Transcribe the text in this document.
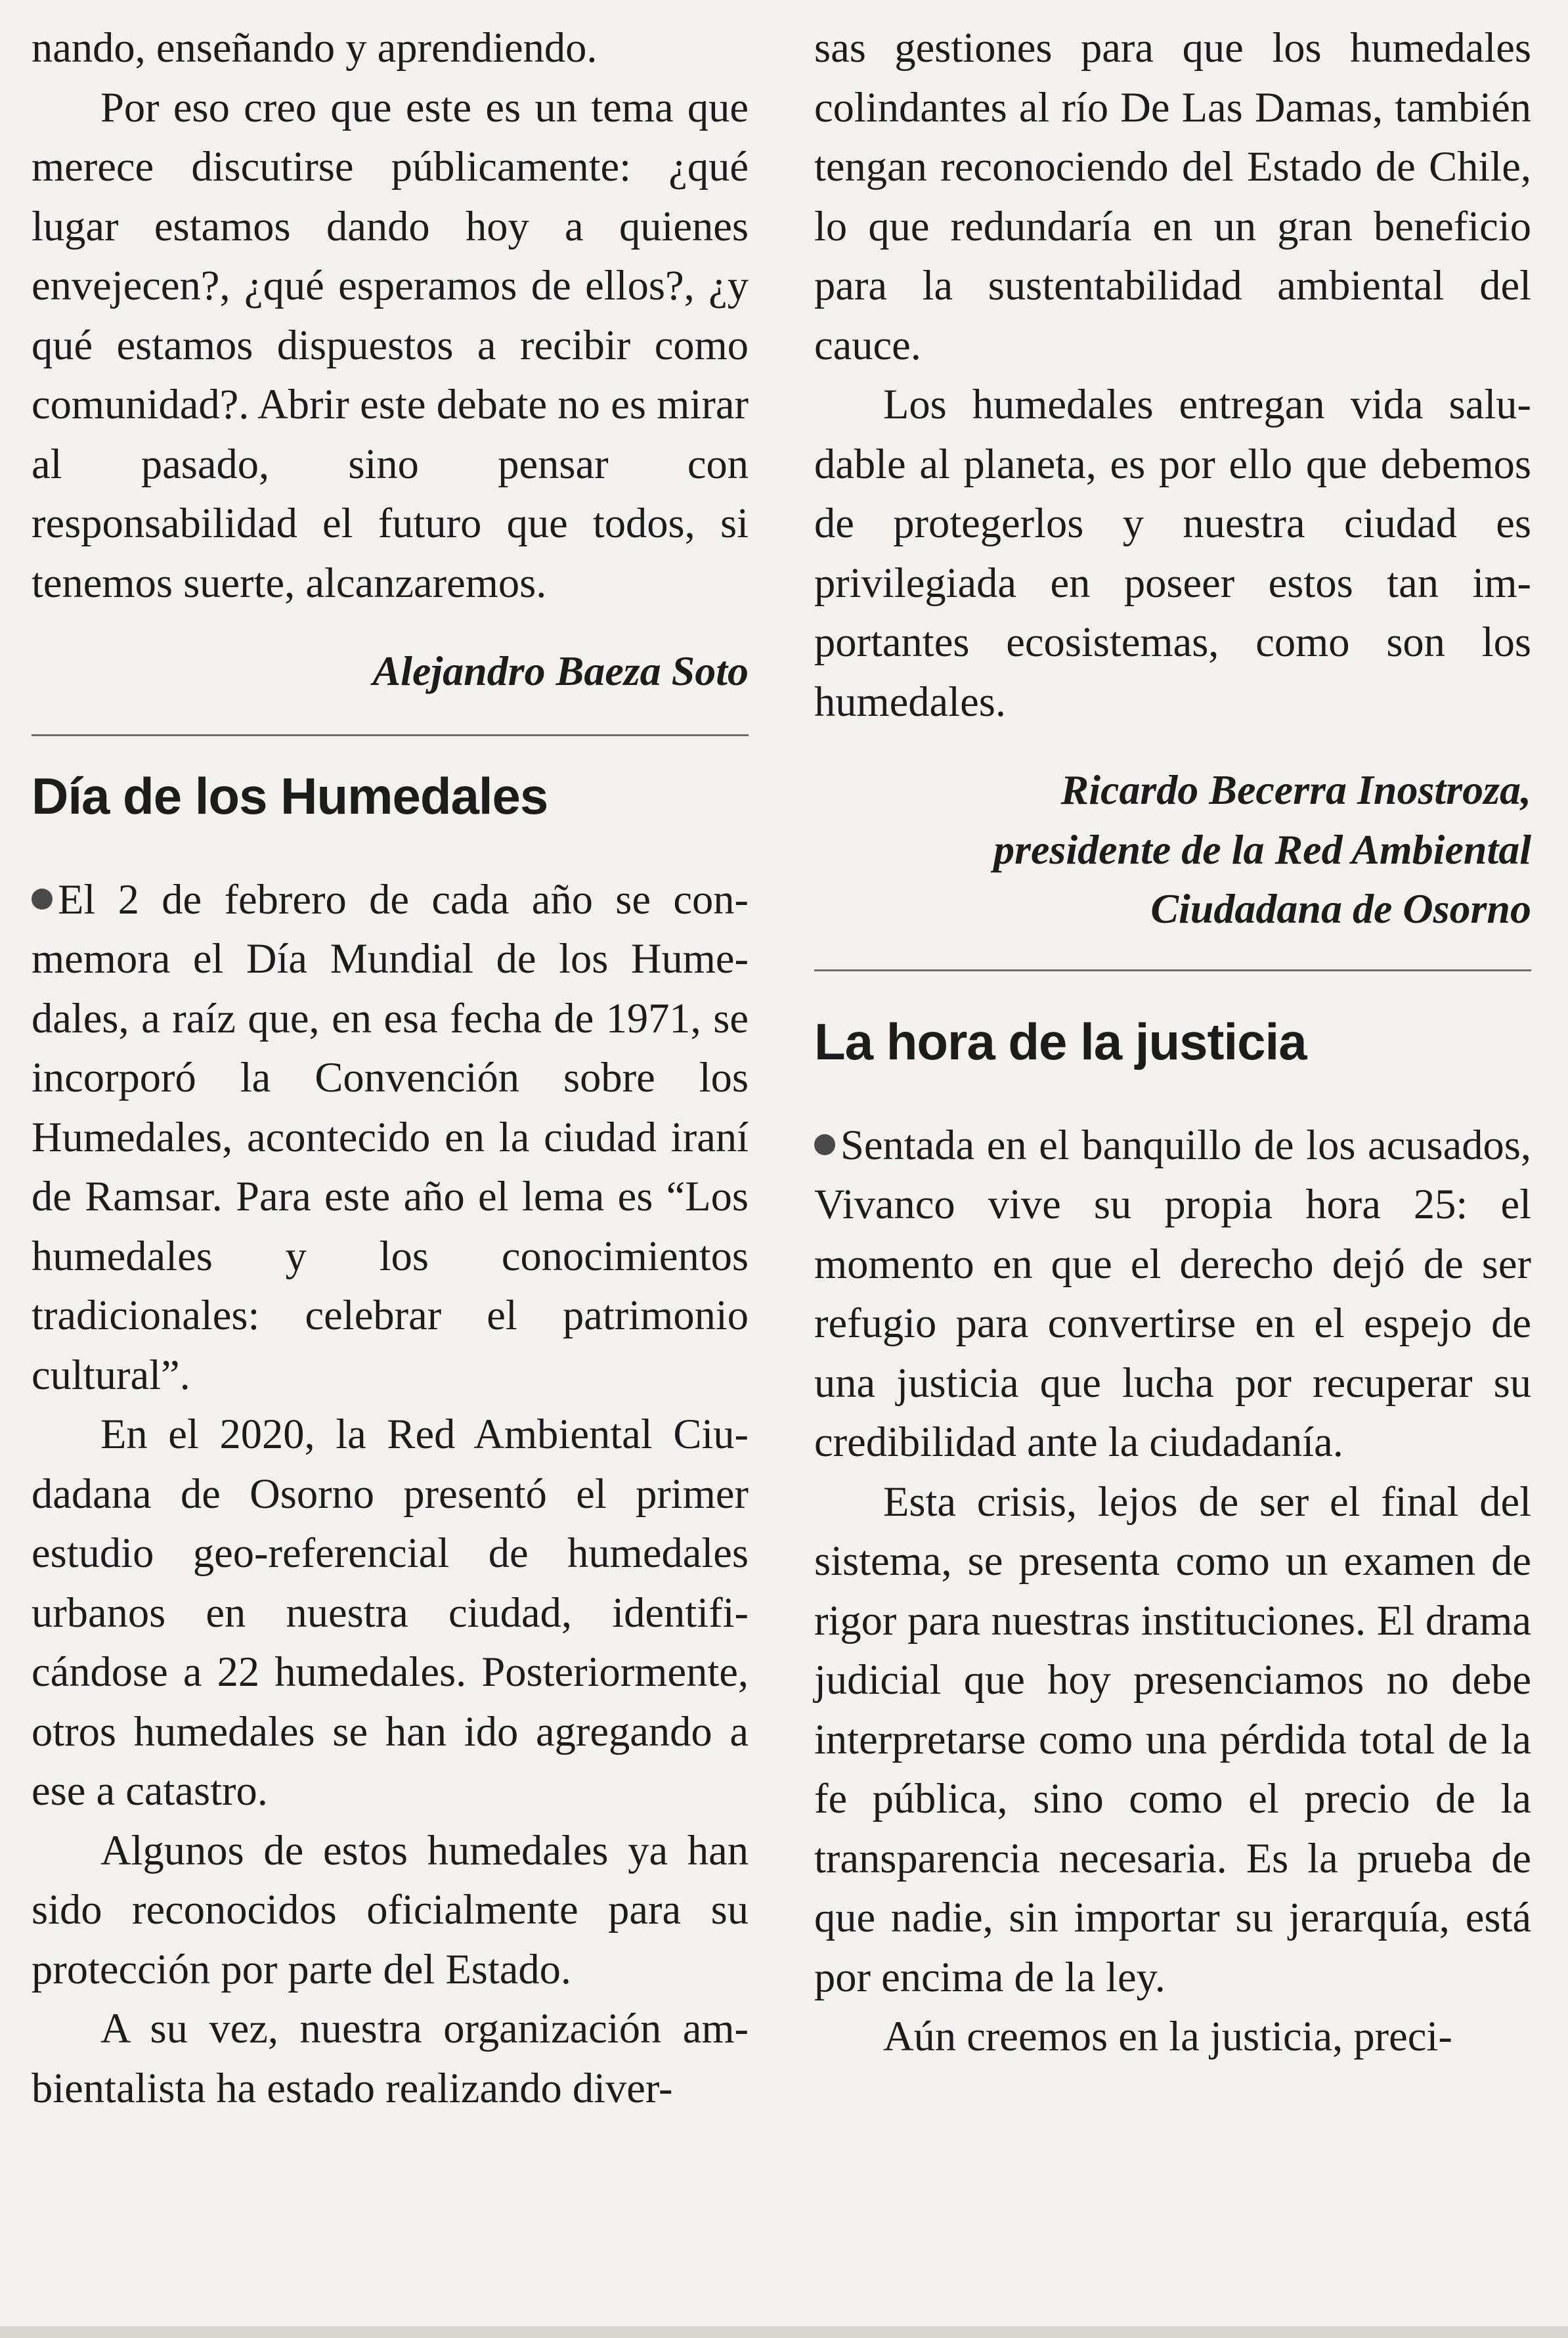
nando, enseñando y aprendiendo.

Por eso creo que este es un tema que merece discutirse públicamente: ¿qué lugar estamos dando hoy a quienes envejecen?, ¿qué esperamos de ellos?, ¿y qué estamos dispuestos a recibir como comunidad?. Abrir este debate no es mirar al pasado, sino pensar con responsabilidad el futuro que todos, si tenemos suerte, alcanzaremos.

Alejandro Baeza Soto

Día de los Humedales

El 2 de febrero de cada año se conmemora el Día Mundial de los Humedales, a raíz que, en esa fecha de 1971, se incorporó la Convención sobre los Humedales, acontecido en la ciudad iraní de Ramsar. Para este año el lema es “Los humedales y los conocimientos tradicionales: celebrar el patrimonio cultural”.

En el 2020, la Red Ambiental Ciudadana de Osorno presentó el primer estudio geo-referencial de humedales urbanos en nuestra ciudad, identificándose a 22 humedales. Posteriormente, otros humedales se han ido agregando a ese a catastro.

Algunos de estos humedales ya han sido reconocidos oficialmente para su protección por parte del Estado.

A su vez, nuestra organización ambientalista ha estado realizando diver-

sas gestiones para que los humedales colindantes al río De Las Damas, también tengan reconociendo del Estado de Chile, lo que redundaría en un gran beneficio para la sustentabilidad ambiental del cauce.

Los humedales entregan vida saludable al planeta, es por ello que debemos de protegerlos y nuestra ciudad es privilegiada en poseer estos tan importantes ecosistemas, como son los humedales.

Ricardo Becerra Inostroza,

presidente de la Red Ambiental

Ciudadana de Osorno

La hora de la justicia

Sentada en el banquillo de los acusados, Vivanco vive su propia hora 25: el momento en que el derecho dejó de ser refugio para convertirse en el espejo de una justicia que lucha por recuperar su credibilidad ante la ciudadanía.

Esta crisis, lejos de ser el final del sistema, se presenta como un examen de rigor para nuestras instituciones. El drama judicial que hoy presenciamos no debe interpretarse como una pérdida total de la fe pública, sino como el precio de la transparencia necesaria. Es la prueba de que nadie, sin importar su jerarquía, está por encima de la ley.

Aún creemos en la justicia, preci-
